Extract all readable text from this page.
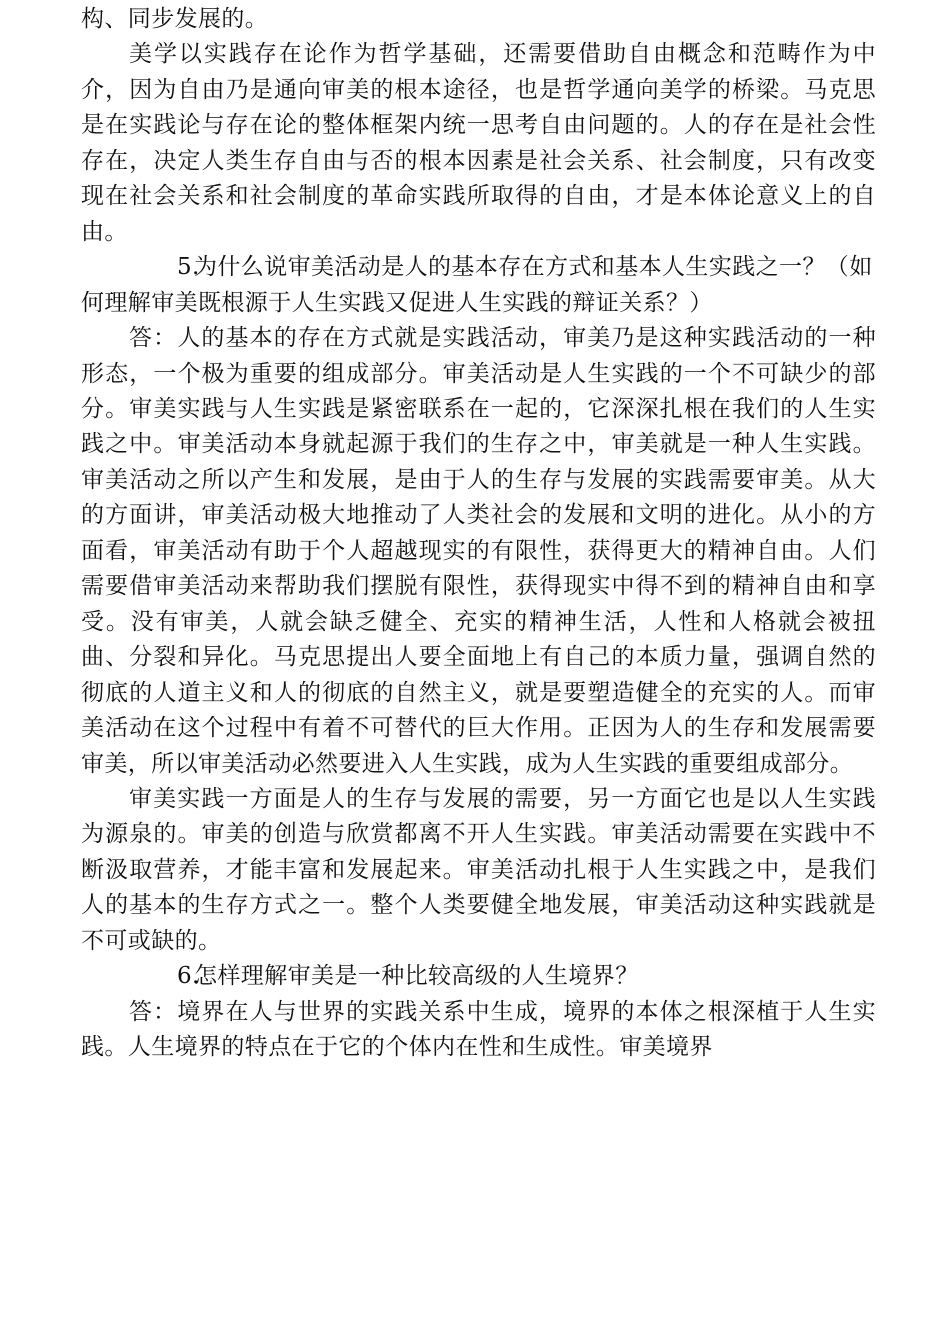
构、同步发展的。

美学以实践存在论作为哲学基础，还需要借助自由概念和范畴作为中介，因为自由乃是通向审美的根本途径，也是哲学通向美学的桥梁。马克思是在实践论与存在论的整体框架内统一思考自由问题的。人的存在是社会性存在，决定人类生存自由与否的根本因素是社会关系、社会制度，只有改变现在社会关系和社会制度的革命实践所取得的自由，才是本体论意义上的自由。

5.为什么说审美活动是人的基本存在方式和基本人生实践之一？（如何理解审美既根源于人生实践又促进人生实践的辩证关系？）

答：人的基本的存在方式就是实践活动，审美乃是这种实践活动的一种形态，一个极为重要的组成部分。审美活动是人生实践的一个不可缺少的部分。审美实践与人生实践是紧密联系在一起的，它深深扎根在我们的人生实践之中。审美活动本身就起源于我们的生存之中，审美就是一种人生实践。审美活动之所以产生和发展，是由于人的生存与发展的实践需要审美。从大的方面讲，审美活动极大地推动了人类社会的发展和文明的进化。从小的方面看，审美活动有助于个人超越现实的有限性，获得更大的精神自由。人们需要借审美活动来帮助我们摆脱有限性，获得现实中得不到的精神自由和享受。没有审美，人就会缺乏健全、充实的精神生活，人性和人格就会被扭曲、分裂和异化。马克思提出人要全面地上有自己的本质力量，强调自然的彻底的人道主义和人的彻底的自然主义，就是要塑造健全的充实的人。而审美活动在这个过程中有着不可替代的巨大作用。正因为人的生存和发展需要审美，所以审美活动必然要进入人生实践，成为人生实践的重要组成部分。

审美实践一方面是人的生存与发展的需要，另一方面它也是以人生实践为源泉的。审美的创造与欣赏都离不开人生实践。审美活动需要在实践中不断汲取营养，才能丰富和发展起来。审美活动扎根于人生实践之中，是我们人的基本的生存方式之一。整个人类要健全地发展，审美活动这种实践就是不可或缺的。

6.怎样理解审美是一种比较高级的人生境界？

答：境界在人与世界的实践关系中生成，境界的本体之根深植于人生实践。人生境界的特点在于它的个体内在性和生成性。审美境界
